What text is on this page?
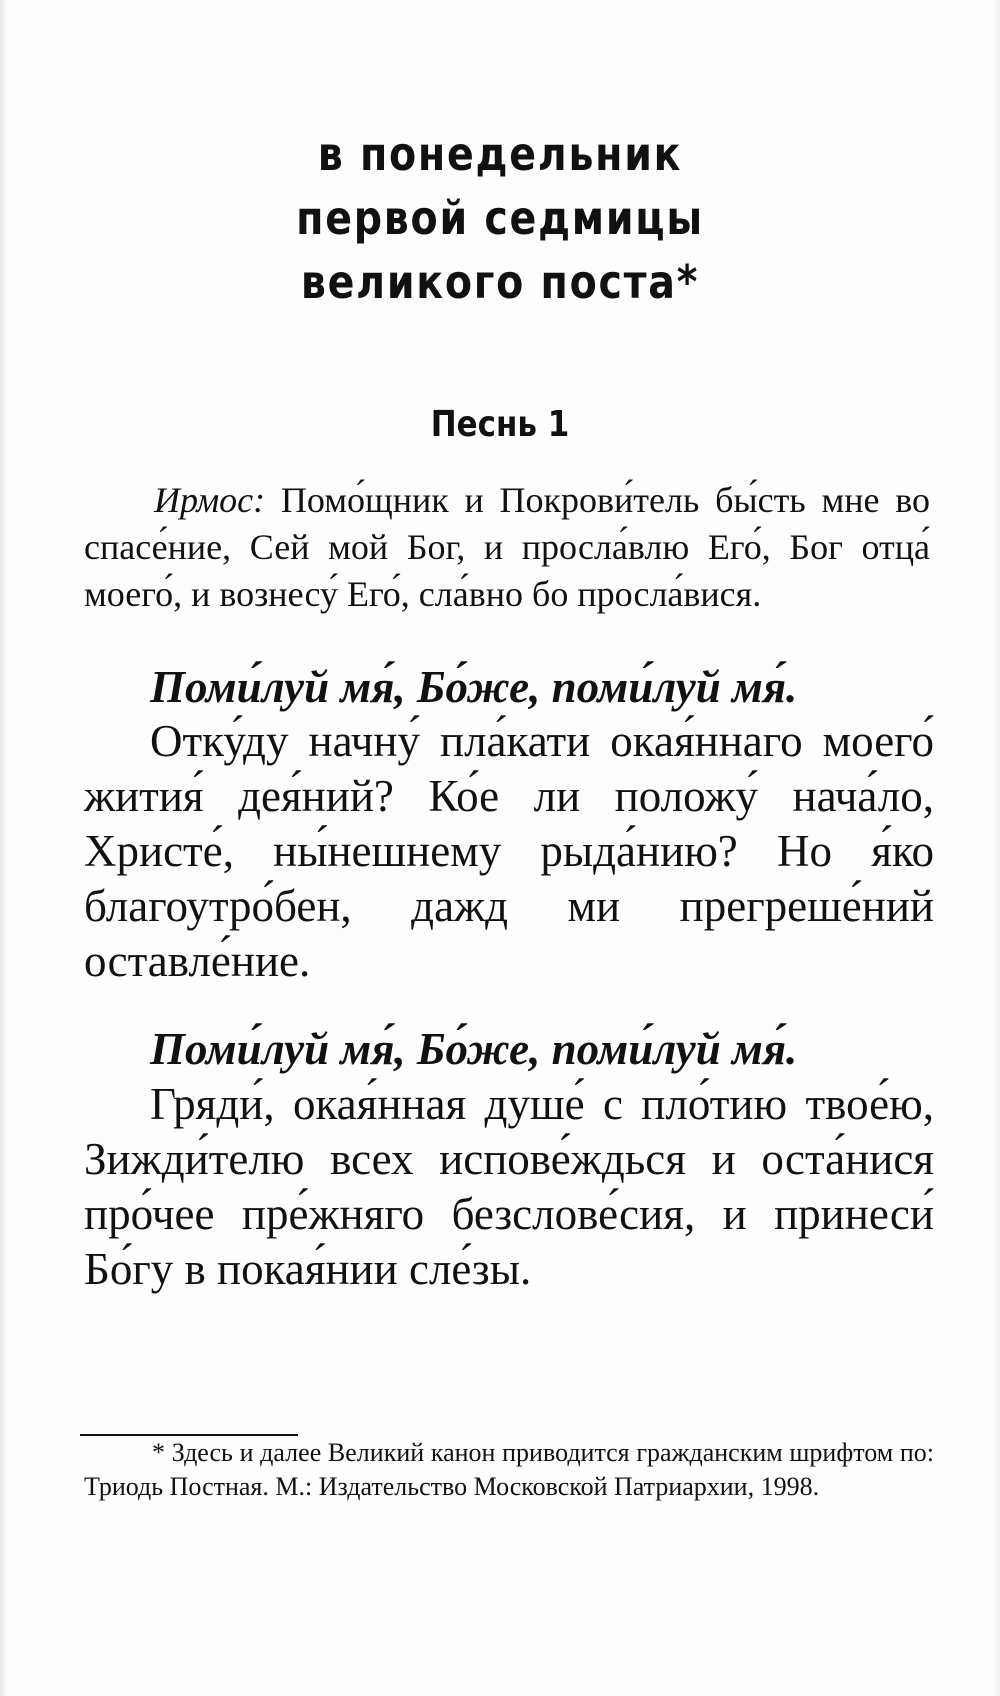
в понедельник
первой седмицы
великого поста*
Песнь 1

Ирмос: Помо́щник и Покрови́тель бы́сть мне во спасе́ние, Сей мой Бог, и просла́влю Его́, Бог отца́ моего́, и вознесу́ Его́, сла́вно бо просла́вися.

Поми́луй мя́, Бо́же, поми́луй мя́.

Отку́ду начну́ пла́кати окая́ннаго моего́ жития́ дея́ний? Ко́е ли положу́ нача́ло, Христе́, ны́нешнему рыда́нию? Но я́ко благоутро́бен, дажд ми прегреше́ний оставле́ние.

Поми́луй мя́, Бо́же, поми́луй мя́.

Гряди́, окая́нная душе́ с пло́тию твое́ю, Зижди́телю всех испове́ждься и оста́нися про́чее пре́жняго безслове́сия, и принеси́ Бо́гу в покая́нии сле́зы.

* Здесь и далее Великий канон приводится гражданским шрифтом по: Триодь Постная. М.: Издательство Московской Патриархии, 1998.
